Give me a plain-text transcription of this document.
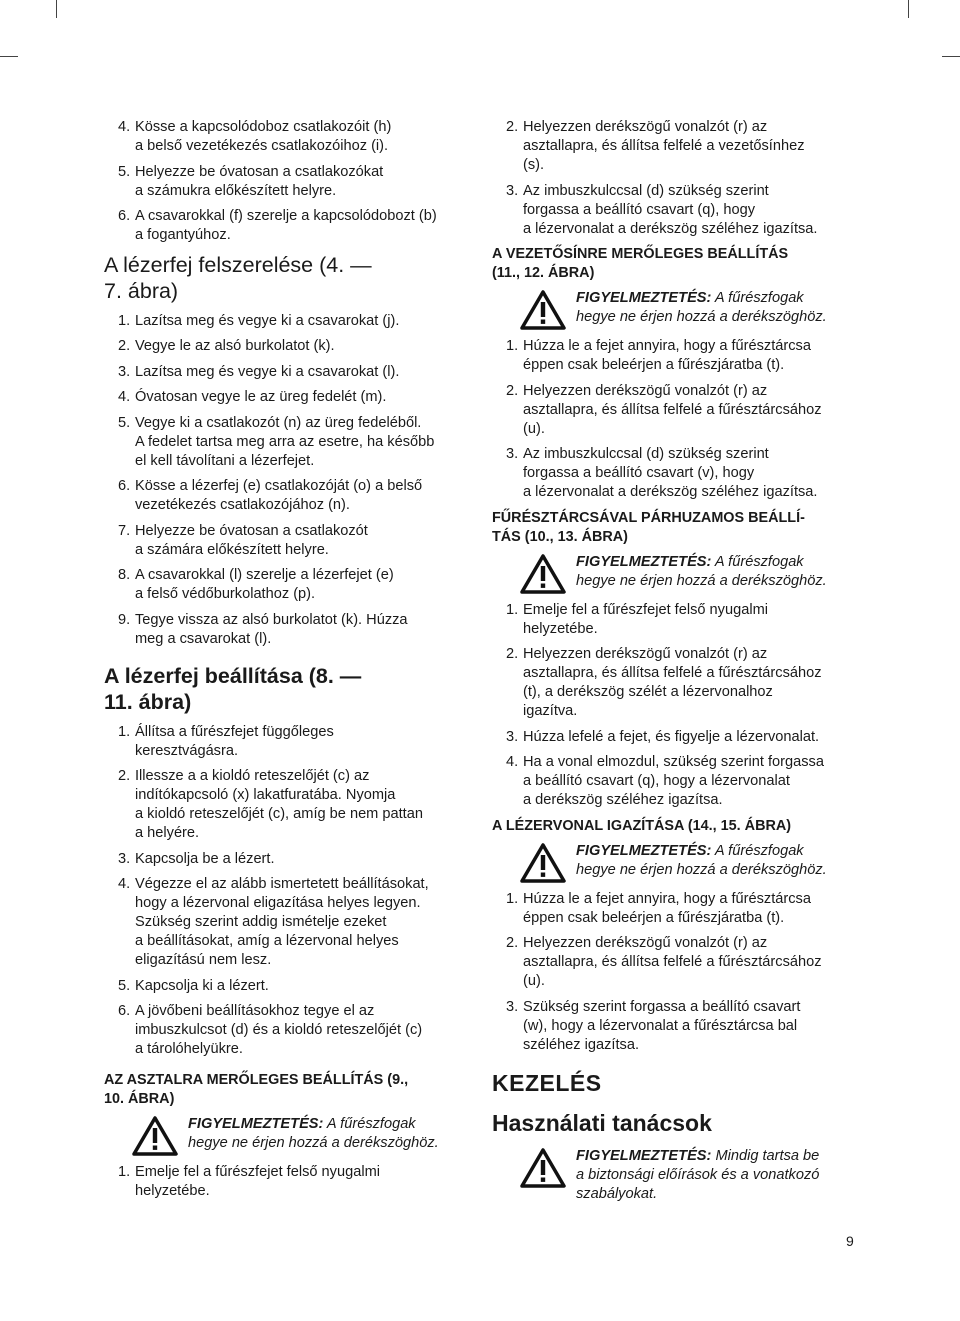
4 . Kösse a kapcsolódoboz csatlakozóit (h)
a belső vezetékezés csatlakozóihoz (i).

5 . Helyezze be óvatosan a csatlakozókat
a számukra előkészített helyre.

6 . A csavarokkal (f) szerelje a kapcsolódobozt (b)
a fogantyúhoz.

A lézerfej felszerelése (4. —
7. ábra)
1 . Lazítsa meg és vegye ki a csavarokat (j).

2 . Vegye le az alsó burkolatot (k).

3 . Lazítsa meg és vegye ki a csavarokat (l).

4 . Óvatosan vegye le az üreg fedelét (m).

5 . Vegye ki a csatlakozót (n) az üreg fedeléből.
A fedelet tartsa meg arra az esetre, ha később
el kell távolítani a lézerfejet.

6 . Kösse a lézerfej (e) csatlakozóját (o) a belső
vezetékezés csatlakozójához (n).

7 . Helyezze be óvatosan a csatlakozót
a számára előkészített helyre.

8 . A csavarokkal (l) szerelje a lézerfejet (e)
a felső védőburkolathoz (p).

9 . Tegye vissza az alsó burkolatot (k). Húzza
meg a csavarokat (l).

A lézerfej beállítása (8. —
11. ábra)
1 . Állítsa a fűrészfejet függőleges
keresztvágásra.

2 . Illessze a a kioldó reteszelőjét (c) az
indítókapcsoló (x) lakatfuratába. Nyomja
a kioldó reteszelőjét (c), amíg be nem pattan
a helyére.

3 . Kapcsolja be a lézert.

4 . Végezze el az alább ismertetett beállításokat,
hogy a lézervonal eligazítása helyes legyen.
Szükség szerint addig ismételje ezeket
a beállításokat, amíg a lézervonal helyes
eligazítású nem lesz.

5 . Kapcsolja ki a lézert.

6 . A jövőbeni beállításokhoz tegye el az
imbuszkulcsot (d) és a kioldó reteszelőjét (c)
a tárolóhelyükre.

AZ ASZTALRA MERŐLEGES BEÁLLÍTÁS (9.,
10. ÁBRA)
FIGYELMEZTETÉS: A fűrészfogak
hegye ne érjen hozzá a derékszöghöz.
1 . Emelje fel a fűrészfejet felső nyugalmi
helyzetébe.

2 . Helyezzen derékszögű vonalzót (r) az
asztallapra, és állítsa felfelé a vezetősínhez
(s).

3 . Az imbuszkulccsal (d) szükség szerint
forgassa a beállító csavart (q), hogy
a lézervonalat a derékszög széléhez igazítsa.

A VEZETŐSÍNRE MERŐLEGES BEÁLLÍTÁS
(11., 12. ÁBRA)
FIGYELMEZTETÉS: A fűrészfogak
hegye ne érjen hozzá a derékszöghöz.
1 . Húzza le a fejet annyira, hogy a fűrésztárcsa
éppen csak beleérjen a fűrészjáratba (t).

2 . Helyezzen derékszögű vonalzót (r) az
asztallapra, és állítsa felfelé a fűrésztárcsához
(u).

3 . Az imbuszkulccsal (d) szükség szerint
forgassa a beállító csavart (v), hogy
a lézervonalat a derékszög széléhez igazítsa.

FŰRÉSZTÁRCSÁVAL PÁRHUZAMOS BEÁLLÍ-
TÁS (10., 13. ÁBRA)
FIGYELMEZTETÉS: A fűrészfogak
hegye ne érjen hozzá a derékszöghöz.
1 . Emelje fel a fűrészfejet felső nyugalmi
helyzetébe.

2 . Helyezzen derékszögű vonalzót (r) az
asztallapra, és állítsa felfelé a fűrésztárcsához
(t), a derékszög szélét a lézervonalhoz
igazítva.

3 . Húzza lefelé a fejet, és figyelje a lézervonalat.

4 . Ha a vonal elmozdul, szükség szerint forgassa
a beállító csavart (q), hogy a lézervonalat
a derékszög széléhez igazítsa.

A LÉZERVONAL IGAZÍTÁSA (14., 15. ÁBRA)
FIGYELMEZTETÉS: A fűrészfogak
hegye ne érjen hozzá a derékszöghöz.
1 . Húzza le a fejet annyira, hogy a fűrésztárcsa
éppen csak beleérjen a fűrészjáratba (t).

2 . Helyezzen derékszögű vonalzót (r) az
asztallapra, és állítsa felfelé a fűrésztárcsához
(u).

3 . Szükség szerint forgassa a beállító csavart
(w), hogy a lézervonalat a fűrésztárcsa bal
széléhez igazítsa.

KEZELÉS
Használati tanácsok
FIGYELMEZTETÉS: Mindig tartsa be
a biztonsági előírások és a vonatkozó
szabályokat.
9
